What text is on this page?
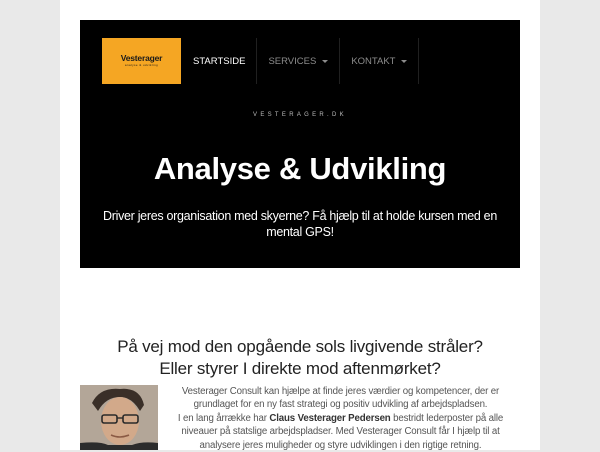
Vesterager
analyse & udvikling	STARTSIDE SERVICES	KONTAKT
VESTERAGER.DK
Analyse & Udvikling
Driver jeres organisation med skyerne? Få hjælp til at holde kursen med en mental GPS!
På vej mod den opgående sols livgivende stråler?
Eller styrer I direkte mod aftenmørket?
Vesterager Consult kan hjælpe at finde jeres værdier og kompetencer, der er grundlaget for en ny fast strategi og positiv udvikling af arbejdspladsen.
I en lang årrække har Claus Vesterager Pedersen bestridt lederposter på alle niveauer på statslige arbejdspladser. Med Vesterager Consult får I hjælp til at analysere jeres muligheder og styre udviklingen i den rigtige retning.
